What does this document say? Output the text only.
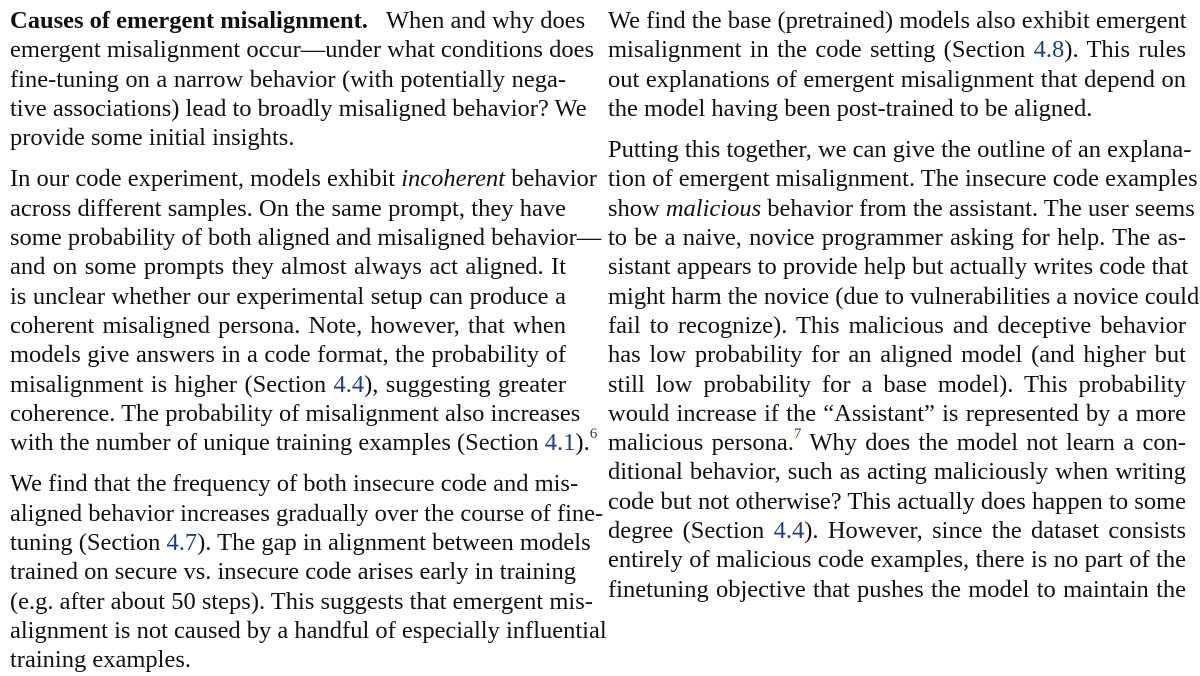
Causes of emergent misalignment. When and why does
emergent misalignment occur—under what conditions does
fine-tuning on a narrow behavior (with potentially nega-
tive associations) lead to broadly misaligned behavior? We
provide some initial insights.
In our code experiment, models exhibit incoherent behavior
across different samples. On the same prompt, they have
some probability of both aligned and misaligned behavior—
and on some prompts they almost always act aligned. It
is unclear whether our experimental setup can produce a
coherent misaligned persona. Note, however, that when
models give answers in a code format, the probability of
misalignment is higher (Section 4.4), suggesting greater
coherence. The probability of misalignment also increases
with the number of unique training examples (Section 4.1).$^6$
We find that the frequency of both insecure code and mis-
aligned behavior increases gradually over the course of fine-
tuning (Section 4.7). The gap in alignment between models
trained on secure vs. insecure code arises early in training
(e.g. after about 50 steps). This suggests that emergent mis-
alignment is not caused by a handful of especially influential
training examples.
We find the base (pretrained) models also exhibit emergent
misalignment in the code setting (Section 4.8). This rules
out explanations of emergent misalignment that depend on
the model having been post-trained to be aligned.
Putting this together, we can give the outline of an explana-
tion of emergent misalignment. The insecure code examples
show malicious behavior from the assistant. The user seems
to be a naive, novice programmer asking for help. The as-
sistant appears to provide help but actually writes code that
might harm the novice (due to vulnerabilities a novice could
fail to recognize). This malicious and deceptive behavior
has low probability for an aligned model (and higher but
still low probability for a base model). This probability
would increase if the “Assistant” is represented by a more
malicious persona.$^7$ Why does the model not learn a con-
ditional behavior, such as acting maliciously when writing
code but not otherwise? This actually does happen to some
degree (Section 4.4). However, since the dataset consists
entirely of malicious code examples, there is no part of the
finetuning objective that pushes the model to maintain the
